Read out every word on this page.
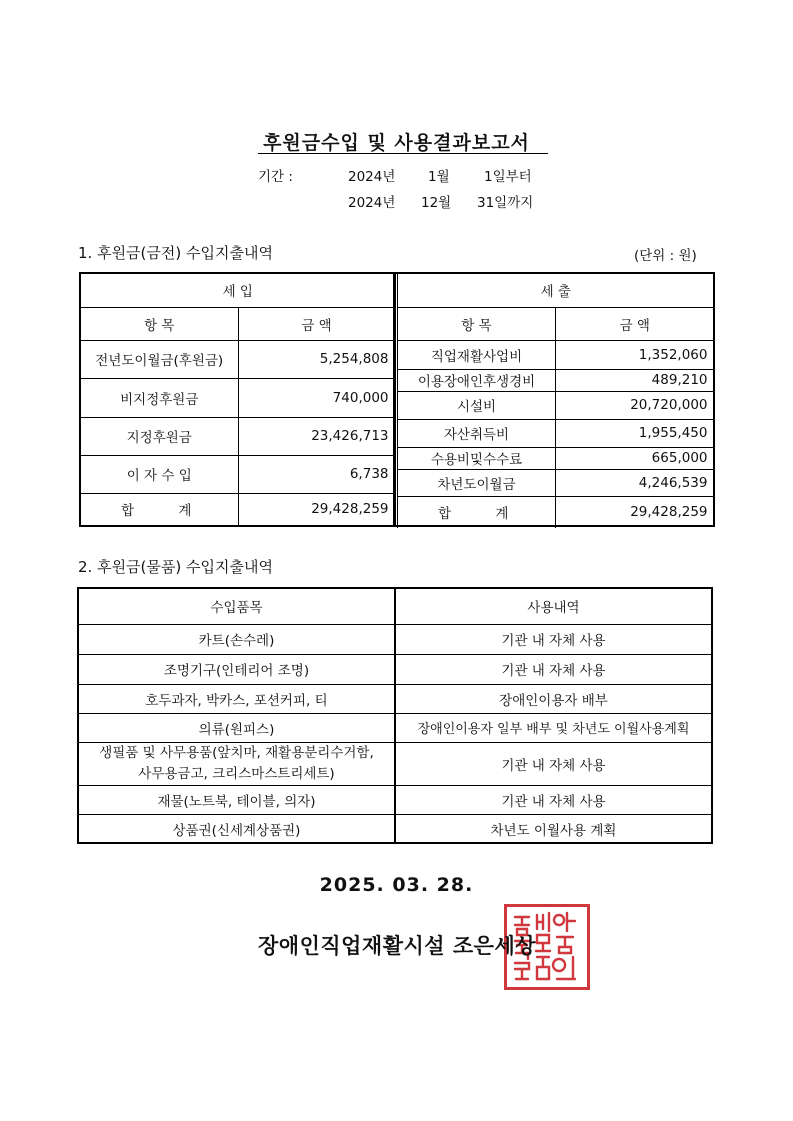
후원금수입 및 사용결과보고서
기간 :	2024년 1월	1일부터
2024년 12월 31일까지
1. 후원금(금전) 수입지출내역	(단위 : 원)
세 입	
항 목	금 액
전년도이월금(후원금)	5,254,808
비지정후원금	740,000
지정후원금	23,426,713
이 자 수 입	6,738
합 계	29,428,259
세 출	
항 목	금 액
직업재활사업비	1,352,060
이용장애인후생경비	489,210
시설비	20,720,000
자산취득비	1,955,450
수용비및수수료	665,000
차년도이월금	4,246,539
합 계	29,428,259
2. 후원금(물품) 수입지출내역
수입품목	사용내역
카트(손수레)	기관 내 자체 사용
조명기구(인테리어 조명)	기관 내 자체 사용
호두과자, 박카스, 포션커피, 티	장애인이용자 배부
의류(원피스)	장애인이용자 일부 배부 및 차년도 이월사용계획

생필품 및 사무용품(앞치마, 재활용분리수거함,
사무용금고, 크리스마스트리세트)	기관 내 자체 사용
재물(노트북, 테이블, 의자)	기관 내 자체 사용
상품권(신세계상품권)	차년도 이월사용 계획
2025. 03. 28.
장애인직업재활시설 조은세상
